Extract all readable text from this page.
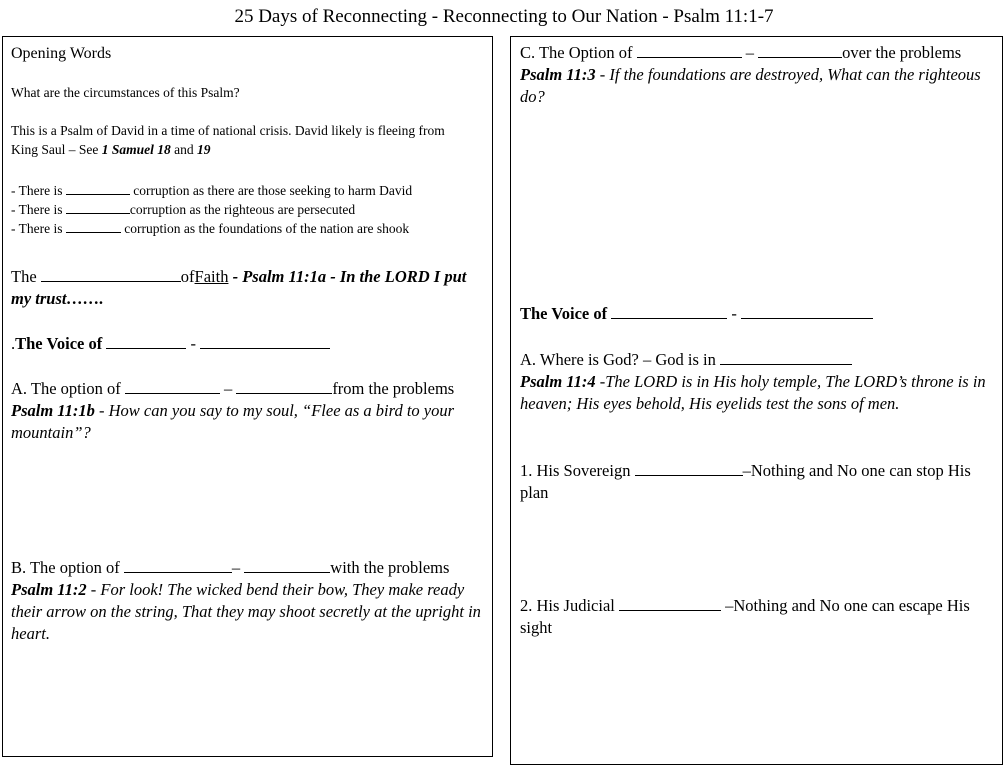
25 Days of Reconnecting - Reconnecting to Our Nation - Psalm 11:1-7
Opening Words
What are the circumstances of this Psalm?
This is a Psalm of David in a time of national crisis. David likely is fleeing from King Saul – See 1 Samuel 18 and 19
- There is	corruption as there are those seeking to harm David
- There is	corruption as the righteous are persecuted
- There is	corruption as the foundations of the nation are shook
The	ofFaith - Psalm 11:1a - In the LORD I put my trust…….
.The Voice of	-
A. The option of	–	from the problems
Psalm 11:1b - How can you say to my soul, “Flee as a bird to your mountain”?
B. The option of	–	with the problems
Psalm 11:2 - For look! The wicked bend their bow, They make ready their arrow on the string, That they may shoot secretly at the upright in heart.
C. The Option of	–	over the problems
Psalm 11:3 - If the foundations are destroyed, What can the righteous do?
The Voice of	-
A. Where is God? – God is in
Psalm 11:4 -The LORD is in His holy temple, The LORD’s throne is in heaven; His eyes behold, His eyelids test the sons of men.
1. His Sovereign	–Nothing and No one can stop His plan
2. His Judicial	–Nothing and No one can escape His sight
